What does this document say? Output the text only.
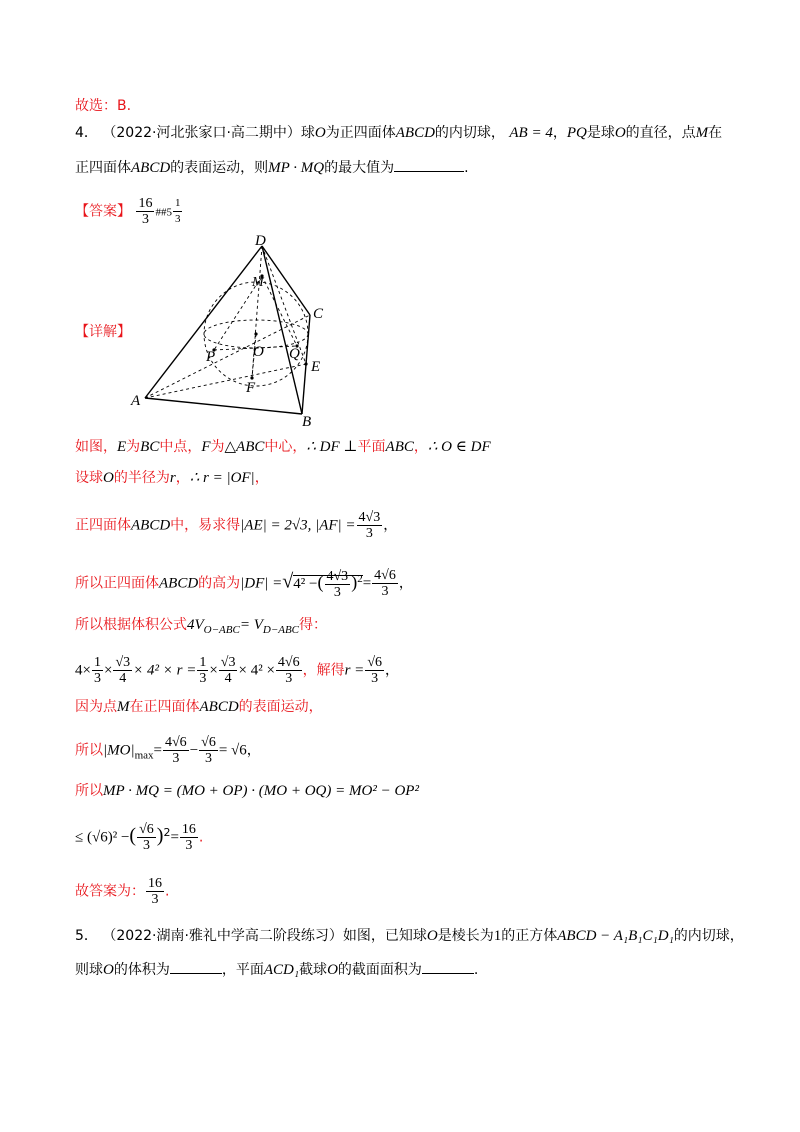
故选：B.
4． （2022·河北张家口·高二期中）球O为正四面体ABCD的内切球， AB = 4，PQ是球O的直径，点M在
正四面体ABCD的表面运动，则MP · MQ的最大值为	.
【答案】 $\frac{16}{3}$ ##5 $\frac{1}{3}$
【详解】
D
M
C
P	O Q
E
F
A
B
如图，E为BC中点，F为△ABC中心，∴ DF ⊥平面ABC，∴ O ∈ DF
设球O的半径为r，∴ r = |OF|，
正四面体ABCD中，易求得|AE| = 2√3, $|AF| = \frac{4√3}{3}$ ，
所以正四面体ABCD的高为|DF| =√4² −( $\frac{4√3}{3} )^2= \frac{4√6}{3}$ ，
所以根据体积公式$4V_{O-ABC}= V_{D-ABC}$得：
$4\times \frac{1}{3} \times \frac{√3}{4} \times 4^2 \times r = \frac{1}{3} \times \frac{√3}{4} \times 4^2 \times \frac{4√6}{3}$ ，解得$r = \frac{√6}{3}$ ，
因为点M在正四面体ABCD的表面运动，
所以$|MO|_{max}= \frac{4√6}{3} - \frac{√6}{3} = √6$，
所以MP · MQ = (MO + OP) · (MO + OQ) = MO² − OP²
≤ (√6)² −( $\frac{√6}{3} )^2= \frac{16}{3}$ .
故答案为： $\frac{16}{3}$ .
5． （2022·湖南·雅礼中学高二阶段练习）如图，已知球O是棱长为1的正方体ABCD − A₁B₁C₁D₁的内切球，
则球O的体积为	，平面ACD₁截球O的截面面积为	.
